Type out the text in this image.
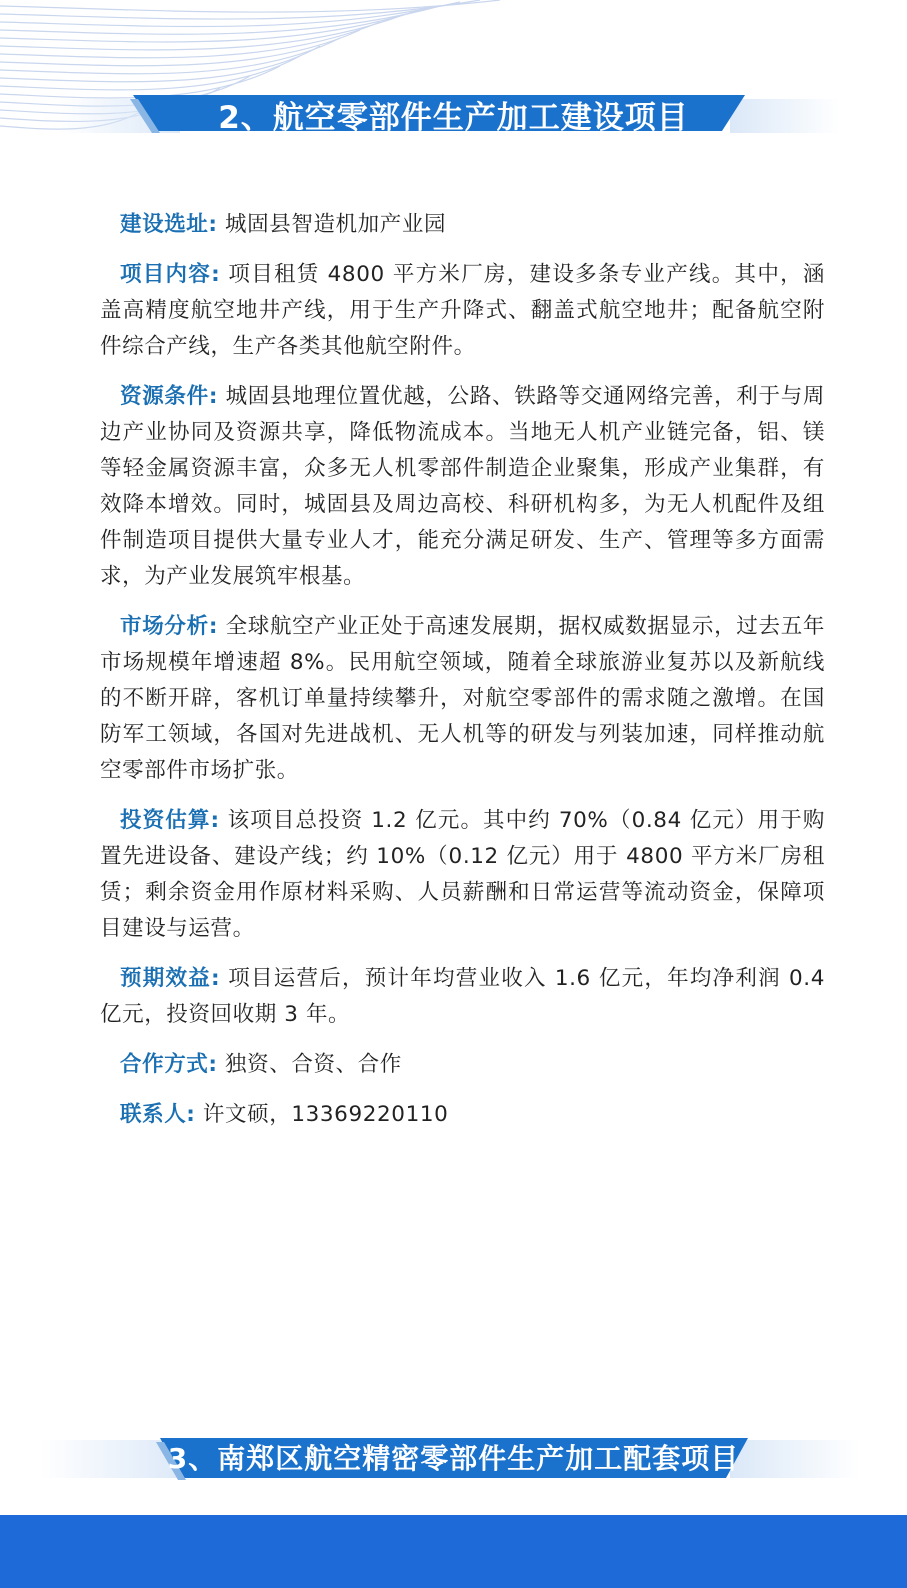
2、航空零部件生产加工建设项目

建设选址: 城固县智造机加产业园

项目内容: 项目租赁 4800 平方米厂房，建设多条专业产线。其中，涵盖高精度航空地井产线，用于生产升降式、翻盖式航空地井；配备航空附件综合产线，生产各类其他航空附件。

资源条件: 城固县地理位置优越，公路、铁路等交通网络完善，利于与周边产业协同及资源共享，降低物流成本。当地无人机产业链完备，铝、镁等轻金属资源丰富，众多无人机零部件制造企业聚集，形成产业集群，有效降本增效。同时，城固县及周边高校、科研机构多，为无人机配件及组件制造项目提供大量专业人才，能充分满足研发、生产、管理等多方面需求，为产业发展筑牢根基。

市场分析: 全球航空产业正处于高速发展期，据权威数据显示，过去五年市场规模年增速超 8%。民用航空领域，随着全球旅游业复苏以及新航线的不断开辟，客机订单量持续攀升，对航空零部件的需求随之激增。在国防军工领域，各国对先进战机、无人机等的研发与列装加速，同样推动航空零部件市场扩张。

投资估算: 该项目总投资 1.2 亿元。其中约 70%（0.84 亿元）用于购置先进设备、建设产线；约 10%（0.12 亿元）用于 4800 平方米厂房租赁；剩余资金用作原材料采购、人员薪酬和日常运营等流动资金，保障项目建设与运营。

预期效益: 项目运营后，预计年均营业收入 1.6 亿元，年均净利润 0.4 亿元，投资回收期 3 年。

合作方式: 独资、合资、合作

联系人: 许文硕，13369220110

3、南郑区航空精密零部件生产加工配套项目
